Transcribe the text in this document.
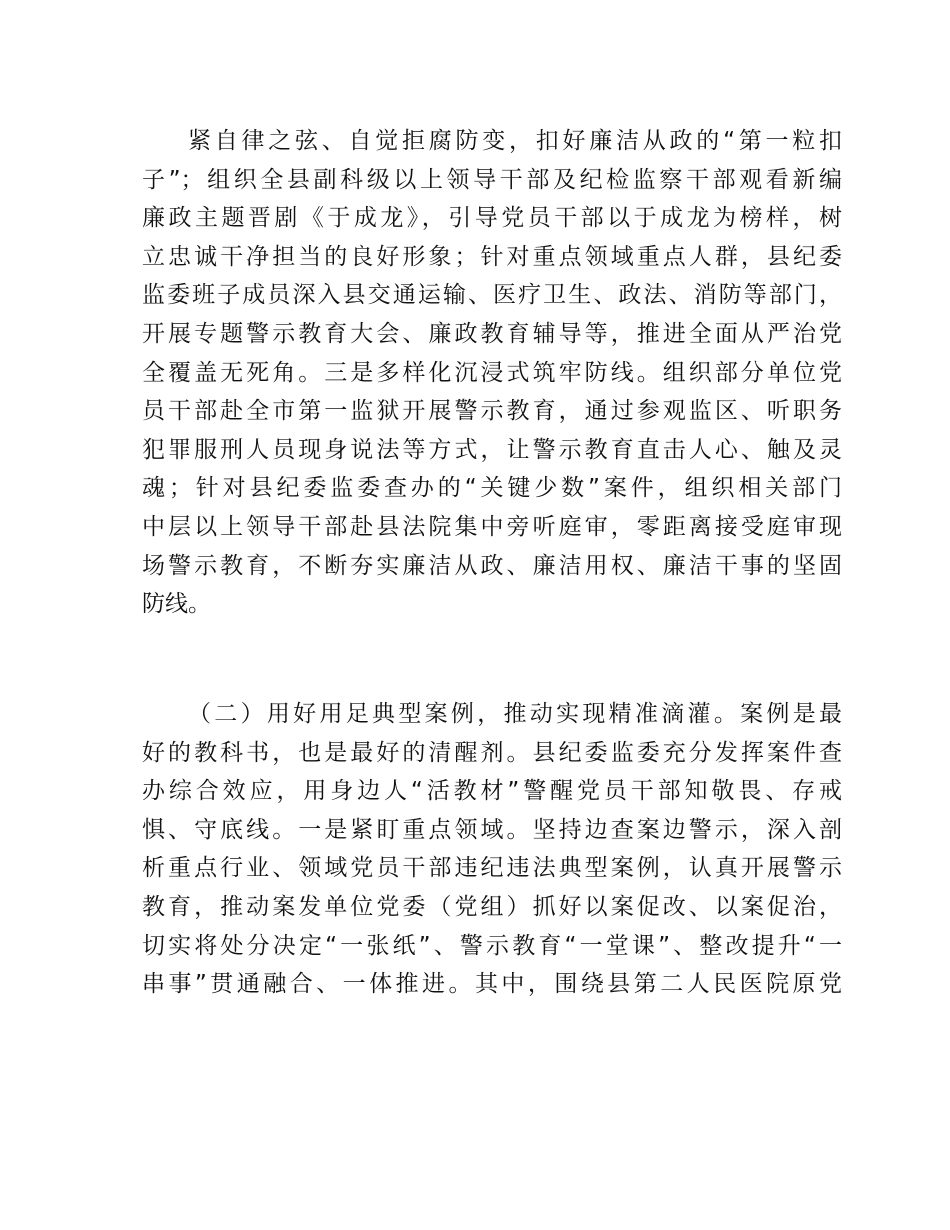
紧自律之弦、自觉拒腐防变，扣好廉洁从政的“第一粒扣
子”；组织全县副科级以上领导干部及纪检监察干部观看新编
廉政主题晋剧《于成龙》，引导党员干部以于成龙为榜样，树
立忠诚干净担当的良好形象；针对重点领域重点人群，县纪委
监委班子成员深入县交通运输、医疗卫生、政法、消防等部门，
开展专题警示教育大会、廉政教育辅导等，推进全面从严治党
全覆盖无死角。三是多样化沉浸式筑牢防线。组织部分单位党
员干部赴全市第一监狱开展警示教育，通过参观监区、听职务
犯罪服刑人员现身说法等方式，让警示教育直击人心、触及灵
魂；针对县纪委监委查办的“关键少数”案件，组织相关部门
中层以上领导干部赴县法院集中旁听庭审，零距离接受庭审现
场警示教育，不断夯实廉洁从政、廉洁用权、廉洁干事的坚固
防线。
（二）用好用足典型案例，推动实现精准滴灌。案例是最
好的教科书，也是最好的清醒剂。县纪委监委充分发挥案件查
办综合效应，用身边人“活教材”警醒党员干部知敬畏、存戒
惧、守底线。一是紧盯重点领域。坚持边查案边警示，深入剖
析重点行业、领域党员干部违纪违法典型案例，认真开展警示
教育，推动案发单位党委（党组）抓好以案促改、以案促治，
切实将处分决定“一张纸”、警示教育“一堂课”、整改提升“一
串事”贯通融合、一体推进。其中，围绕县第二人民医院原党
